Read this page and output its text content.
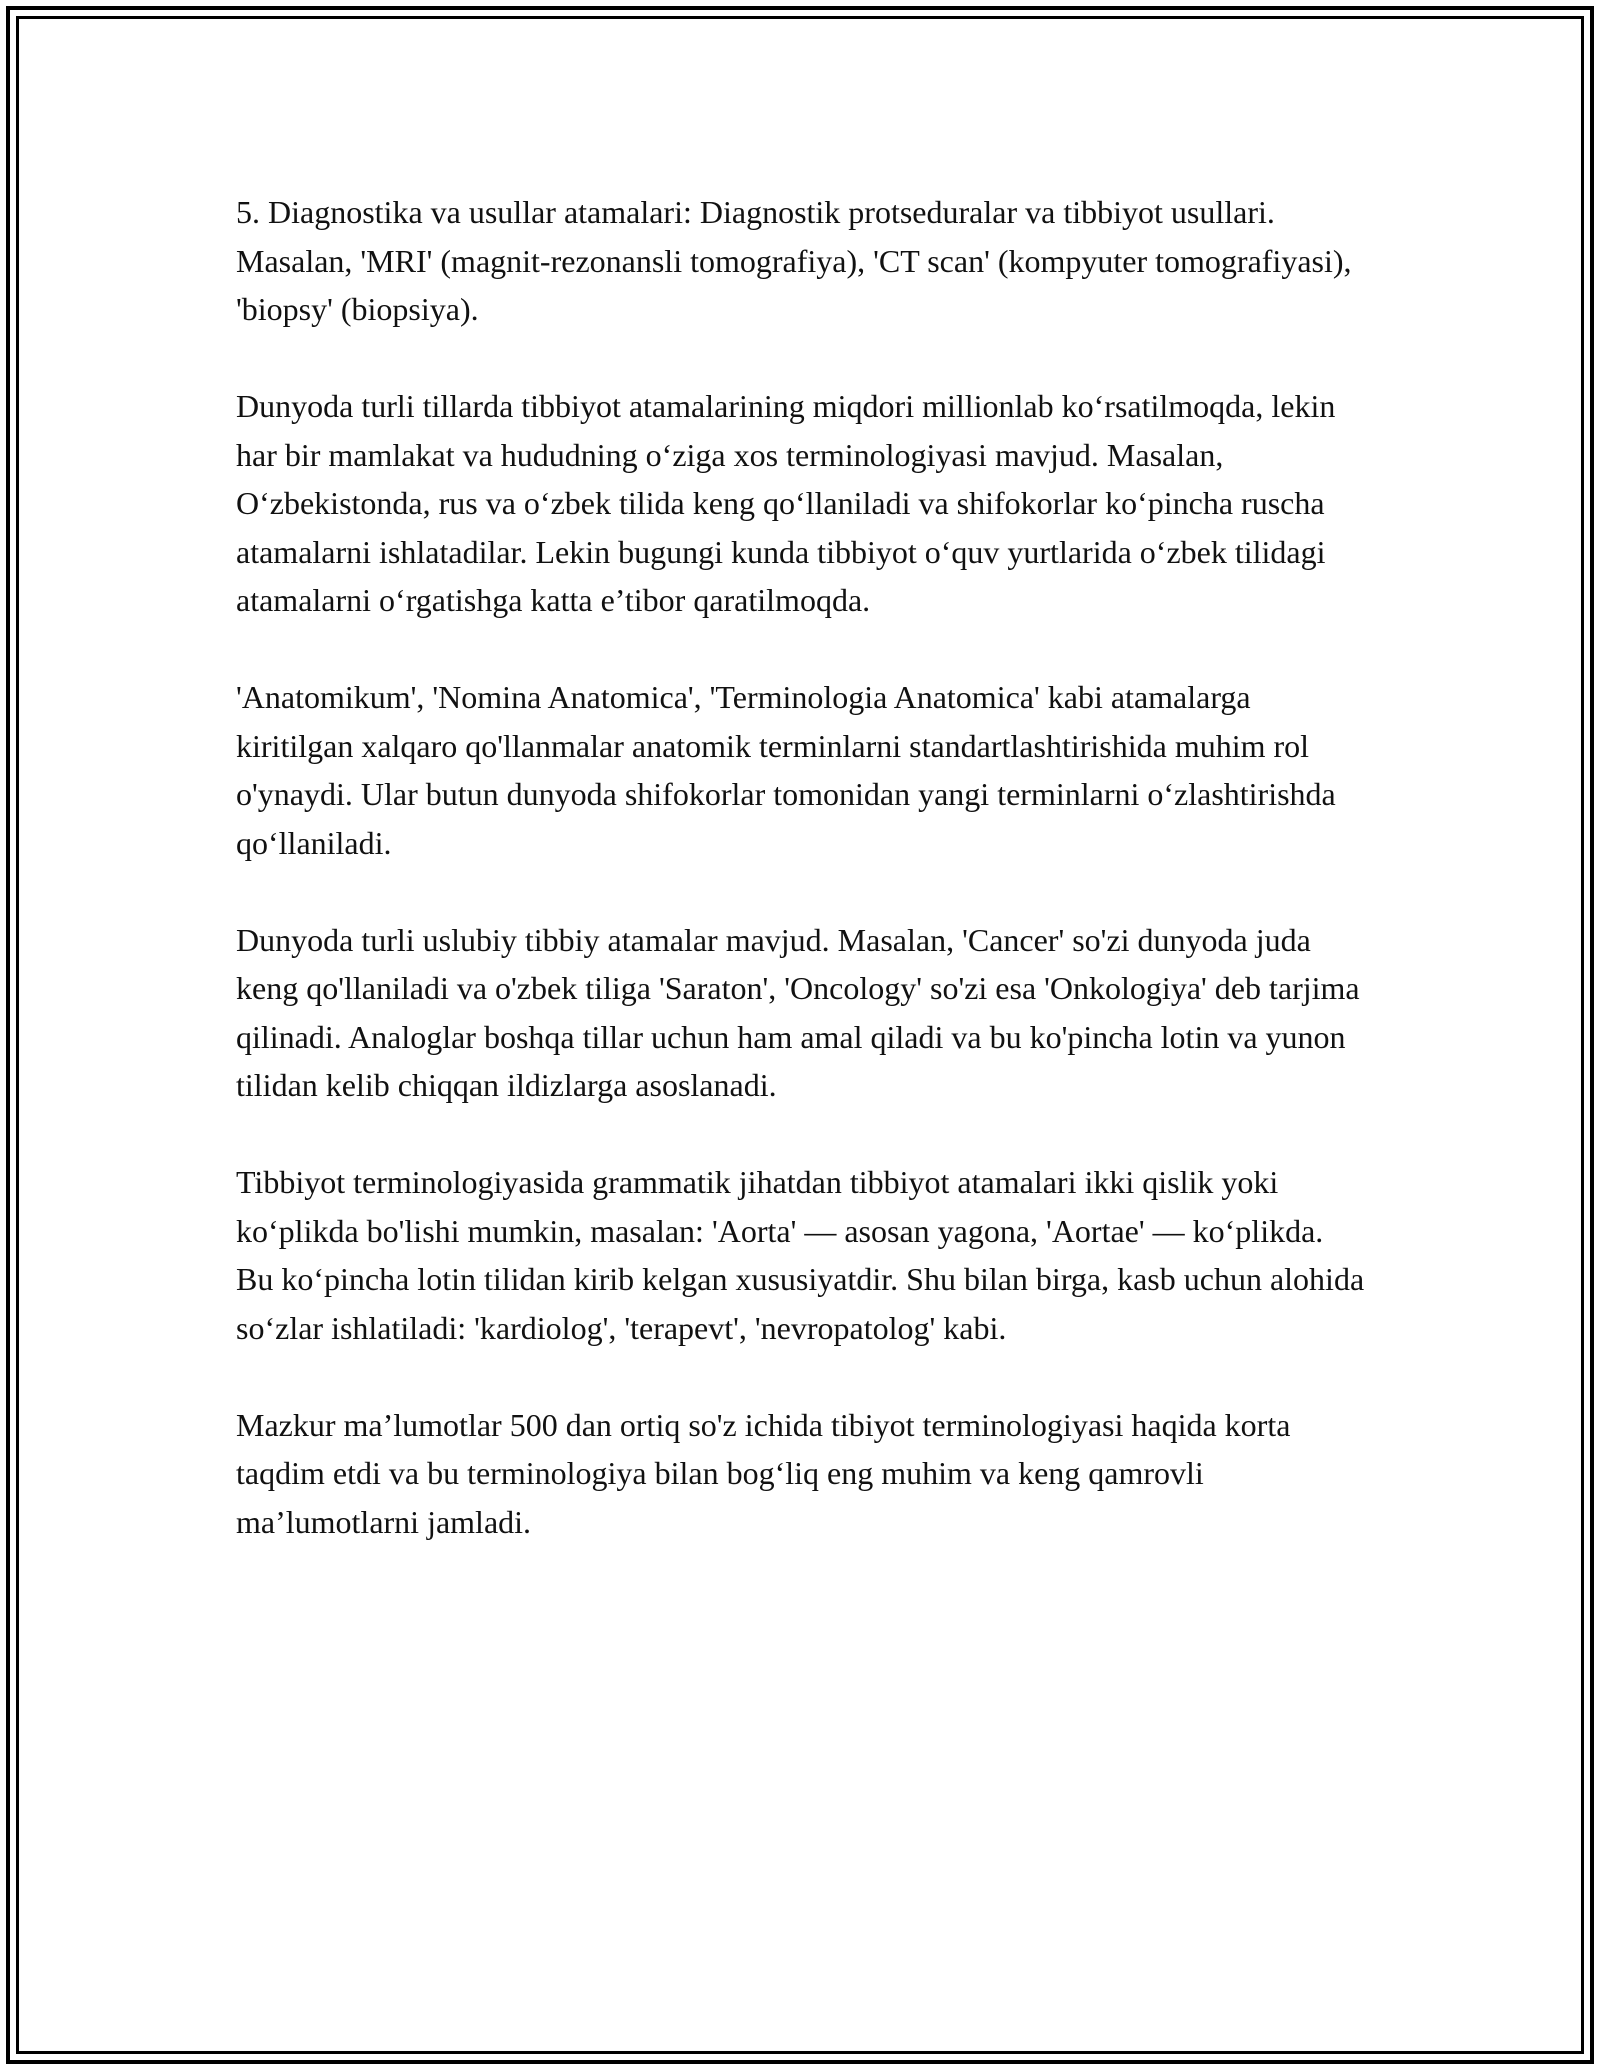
5. Diagnostika va usullar atamalari: Diagnostik protseduralar va tibbiyot usullari. Masalan, 'MRI' (magnit-rezonansli tomografiya), 'CT scan' (kompyuter tomografiyasi), 'biopsy' (biopsiya).

Dunyoda turli tillarda tibbiyot atamalarining miqdori millionlab ko‘rsatilmoqda, lekin har bir mamlakat va hududning o‘ziga xos terminologiyasi mavjud. Masalan, O‘zbekistonda, rus va o‘zbek tilida keng qo‘llaniladi va shifokorlar ko‘pincha ruscha atamalarni ishlatadilar. Lekin bugungi kunda tibbiyot o‘quv yurtlarida o‘zbek tilidagi atamalarni o‘rgatishga katta e’tibor qaratilmoqda.

'Anatomikum', 'Nomina Anatomica', 'Terminologia Anatomica' kabi atamalarga kiritilgan xalqaro qo'llanmalar anatomik terminlarni standartlashtirishida muhim rol o'ynaydi. Ular butun dunyoda shifokorlar tomonidan yangi terminlarni o‘zlashtirishda qo‘llaniladi.

Dunyoda turli uslubiy tibbiy atamalar mavjud. Masalan, 'Cancer' so'zi dunyoda juda keng qo'llaniladi va o'zbek tiliga 'Saraton', 'Oncology' so'zi esa 'Onkologiya' deb tarjima qilinadi. Analoglar boshqa tillar uchun ham amal qiladi va bu ko'pincha lotin va yunon tilidan kelib chiqqan ildizlarga asoslanadi.

Tibbiyot terminologiyasida grammatik jihatdan tibbiyot atamalari ikki qislik yoki ko‘plikda bo'lishi mumkin, masalan: 'Aorta' — asosan yagona, 'Aortae' — ko‘plikda. Bu ko‘pincha lotin tilidan kirib kelgan xususiyatdir. Shu bilan birga, kasb uchun alohida so‘zlar ishlatiladi: 'kardiolog', 'terapevt', 'nevropatolog' kabi.

Mazkur ma’lumotlar 500 dan ortiq so'z ichida tibiyot terminologiyasi haqida korta taqdim etdi va bu terminologiya bilan bog‘liq eng muhim va keng qamrovli ma’lumotlarni jamladi.
